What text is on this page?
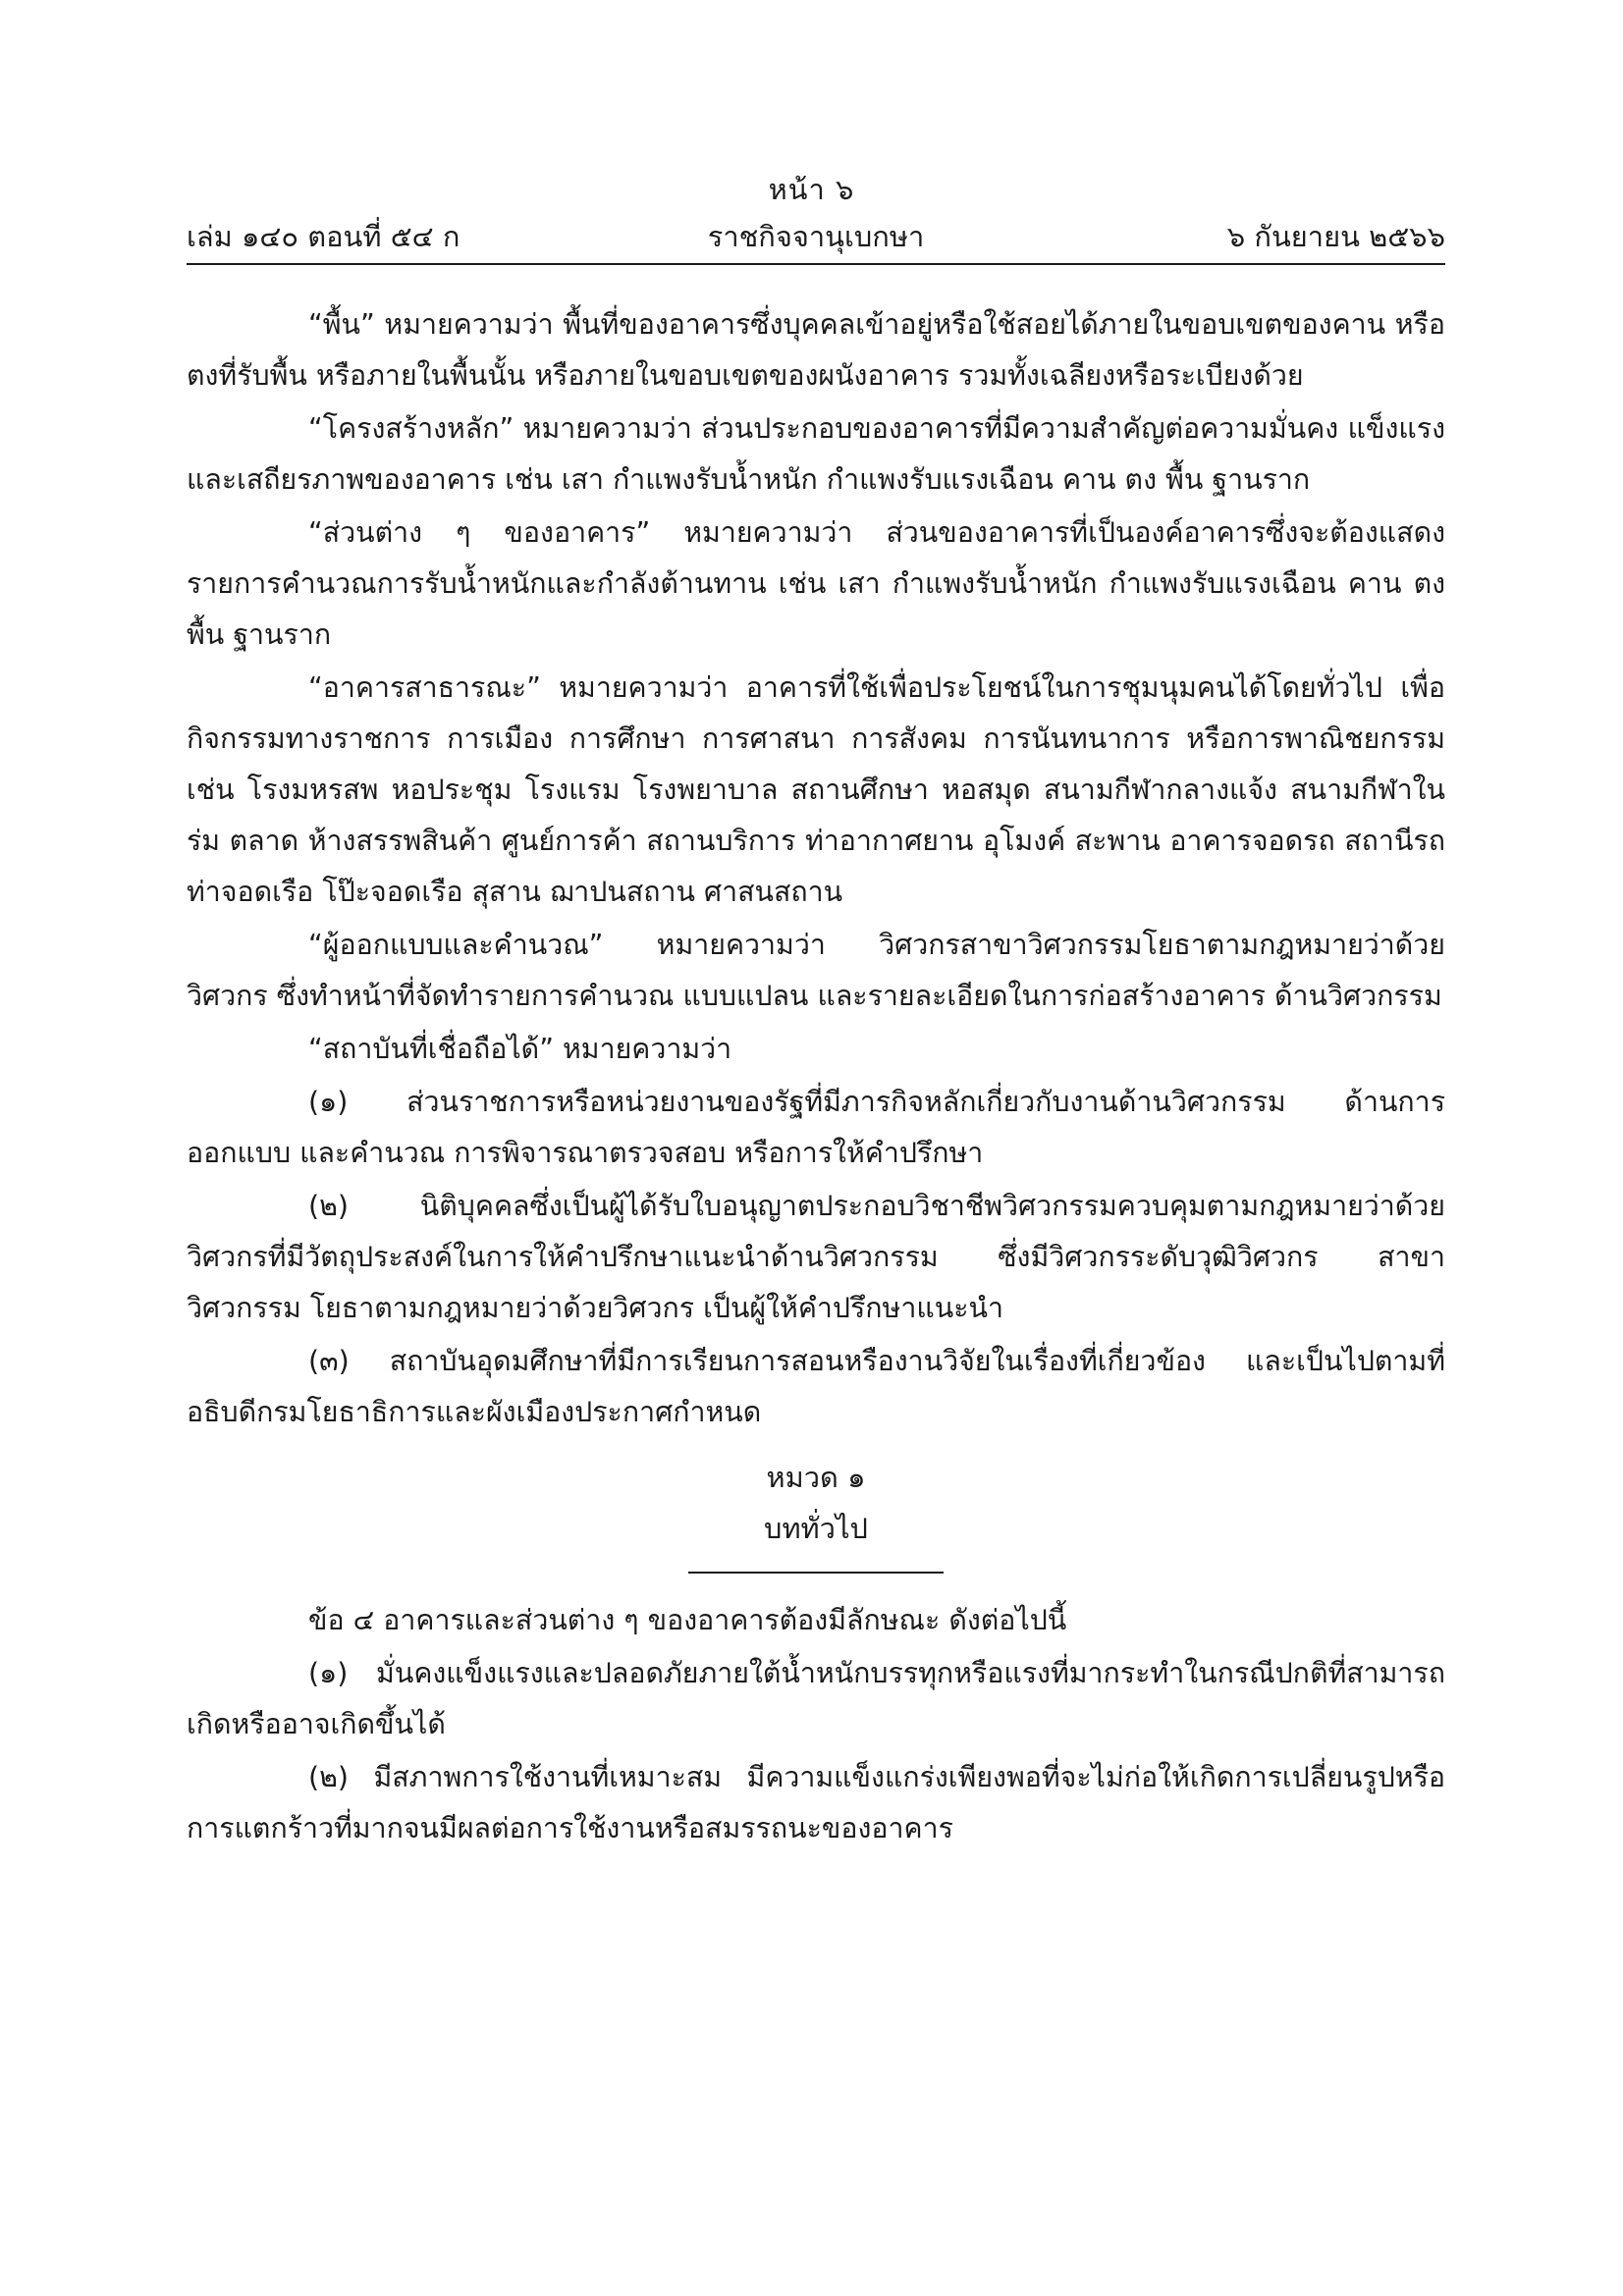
หน้า ๖
ราชกิจจานุเบกษา
เล่ม ๑๔๐ ตอนที่ ๕๔ ก	๖ กันยายน ๒๕๖๖

“พื้น” หมายความว่า พื้นที่ของอาคารซึ่งบุคคลเข้าอยู่หรือใช้สอยได้ภายในขอบเขตของคาน หรือตงที่รับพื้น หรือภายในพื้นนั้น หรือภายในขอบเขตของผนังอาคาร รวมทั้งเฉลียงหรือระเบียงด้วย

“โครงสร้างหลัก” หมายความว่า ส่วนประกอบของอาคารที่มีความสำคัญต่อความมั่นคง แข็งแรงและเสถียรภาพของอาคาร เช่น เสา กำแพงรับน้ำหนัก กำแพงรับแรงเฉือน คาน ตง พื้น ฐานราก

“ส่วนต่าง ๆ ของอาคาร” หมายความว่า ส่วนของอาคารที่เป็นองค์อาคารซึ่งจะต้องแสดง รายการคำนวณการรับน้ำหนักและกำลังต้านทาน เช่น เสา กำแพงรับน้ำหนัก กำแพงรับแรงเฉือน คาน ตง พื้น ฐานราก

“อาคารสาธารณะ” หมายความว่า อาคารที่ใช้เพื่อประโยชน์ในการชุมนุมคนได้โดยทั่วไป เพื่อกิจกรรมทางราชการ การเมือง การศึกษา การศาสนา การสังคม การนันทนาการ หรือการพาณิชยกรรม เช่น โรงมหรสพ หอประชุม โรงแรม โรงพยาบาล สถานศึกษา หอสมุด สนามกีฬากลางแจ้ง สนามกีฬาในร่ม ตลาด ห้างสรรพสินค้า ศูนย์การค้า สถานบริการ ท่าอากาศยาน อุโมงค์ สะพาน อาคารจอดรถ สถานีรถ ท่าจอดเรือ โป๊ะจอดเรือ สุสาน ฌาปนสถาน ศาสนสถาน

“ผู้ออกแบบและคำนวณ” หมายความว่า วิศวกรสาขาวิศวกรรมโยธาตามกฎหมายว่าด้วย วิศวกร ซึ่งทำหน้าที่จัดทำรายการคำนวณ แบบแปลน และรายละเอียดในการก่อสร้างอาคาร ด้านวิศวกรรม

“สถาบันที่เชื่อถือได้” หมายความว่า

(๑) ส่วนราชการหรือหน่วยงานของรัฐที่มีภารกิจหลักเกี่ยวกับงานด้านวิศวกรรม ด้านการออกแบบ และคำนวณ การพิจารณาตรวจสอบ หรือการให้คำปรึกษา

(๒) นิติบุคคลซึ่งเป็นผู้ได้รับใบอนุญาตประกอบวิชาชีพวิศวกรรมควบคุมตามกฎหมายว่าด้วย วิศวกรที่มีวัตถุประสงค์ในการให้คำปรึกษาแนะนำด้านวิศวกรรม ซึ่งมีวิศวกรระดับวุฒิวิศวกร สาขาวิศวกรรม โยธาตามกฎหมายว่าด้วยวิศวกร เป็นผู้ให้คำปรึกษาแนะนำ

(๓) สถาบันอุดมศึกษาที่มีการเรียนการสอนหรืองานวิจัยในเรื่องที่เกี่ยวข้อง และเป็นไปตามที่ อธิบดีกรมโยธาธิการและผังเมืองประกาศกำหนด

หมวด ๑
บททั่วไป

ข้อ ๔ อาคารและส่วนต่าง ๆ ของอาคารต้องมีลักษณะ ดังต่อไปนี้

(๑) มั่นคงแข็งแรงและปลอดภัยภายใต้น้ำหนักบรรทุกหรือแรงที่มากระทำในกรณีปกติที่สามารถ เกิดหรืออาจเกิดขึ้นได้

(๒) มีสภาพการใช้งานที่เหมาะสม มีความแข็งแกร่งเพียงพอที่จะไม่ก่อให้เกิดการเปลี่ยนรูปหรือ การแตกร้าวที่มากจนมีผลต่อการใช้งานหรือสมรรถนะของอาคาร
